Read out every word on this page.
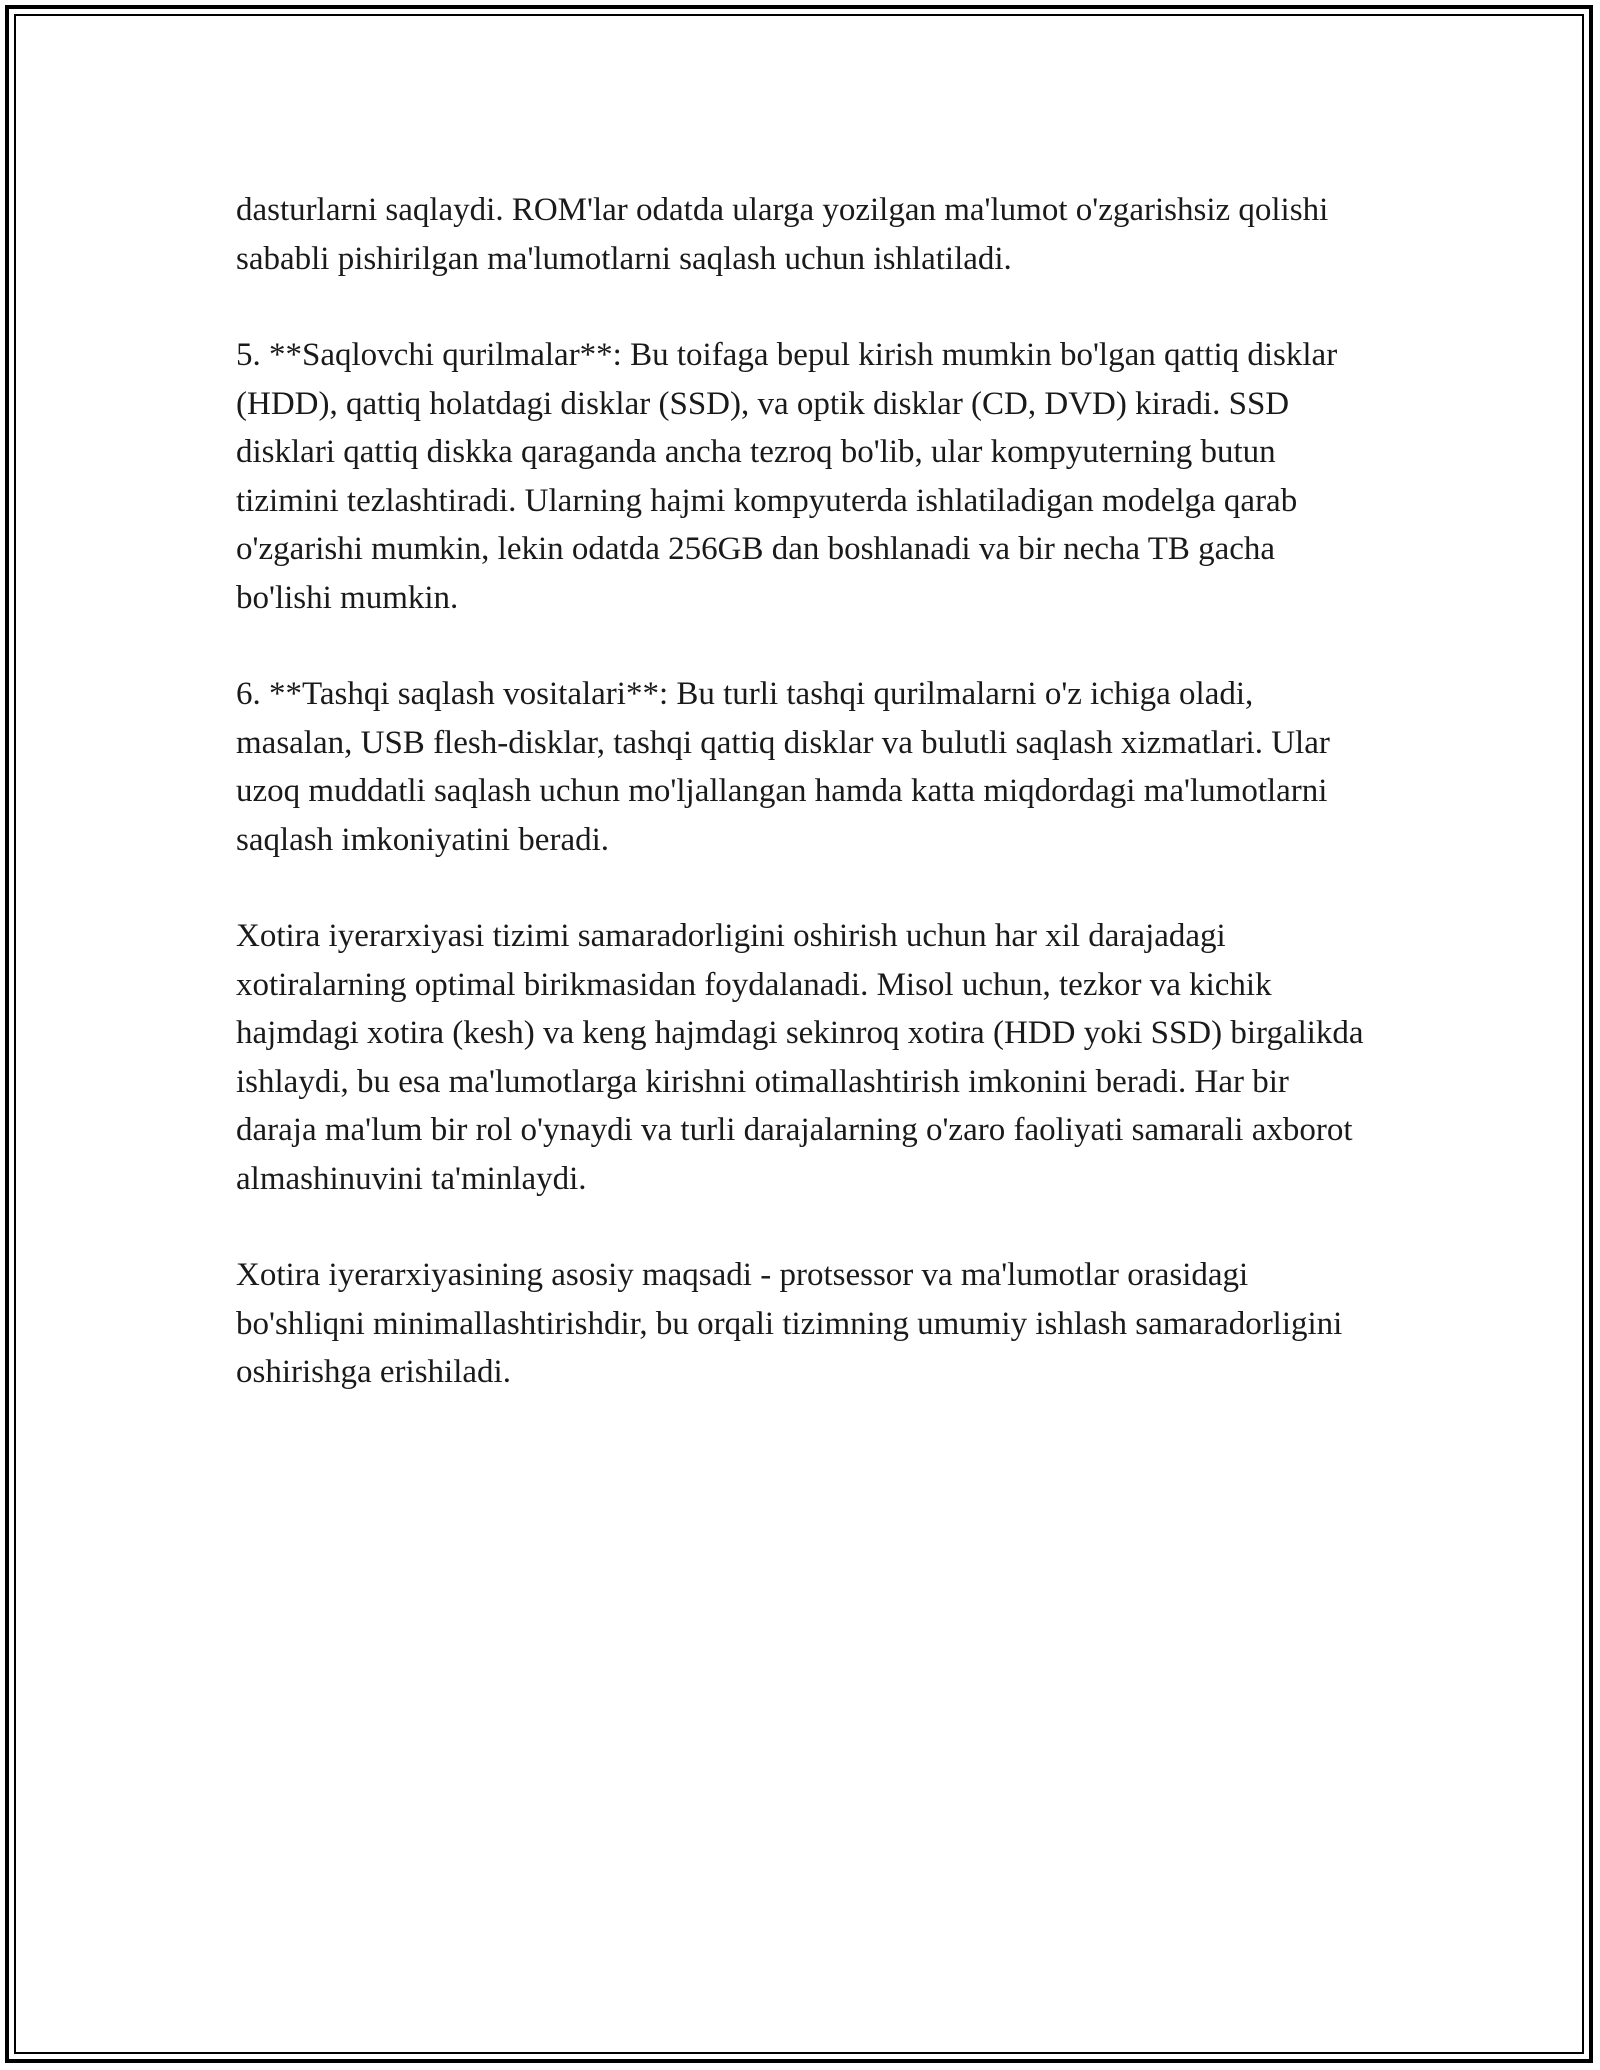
dasturlarni saqlaydi. ROM'lar odatda ularga yozilgan ma'lumot o'zgarishsiz qolishi sababli pishirilgan ma'lumotlarni saqlash uchun ishlatiladi.

5. **Saqlovchi qurilmalar**: Bu toifaga bepul kirish mumkin bo'lgan qattiq disklar (HDD), qattiq holatdagi disklar (SSD), va optik disklar (CD, DVD) kiradi. SSD disklari qattiq diskka qaraganda ancha tezroq bo'lib, ular kompyuterning butun tizimini tezlashtiradi. Ularning hajmi kompyuterda ishlatiladigan modelga qarab o'zgarishi mumkin, lekin odatda 256GB dan boshlanadi va bir necha TB gacha bo'lishi mumkin.

6. **Tashqi saqlash vositalari**: Bu turli tashqi qurilmalarni o'z ichiga oladi, masalan, USB flesh-disklar, tashqi qattiq disklar va bulutli saqlash xizmatlari. Ular uzoq muddatli saqlash uchun mo'ljallangan hamda katta miqdordagi ma'lumotlarni saqlash imkoniyatini beradi.

Xotira iyerarxiyasi tizimi samaradorligini oshirish uchun har xil darajadagi xotiralarning optimal birikmasidan foydalanadi. Misol uchun, tezkor va kichik hajmdagi xotira (kesh) va keng hajmdagi sekinroq xotira (HDD yoki SSD) birgalikda ishlaydi, bu esa ma'lumotlarga kirishni otimallashtirish imkonini beradi. Har bir daraja ma'lum bir rol o'ynaydi va turli darajalarning o'zaro faoliyati samarali axborot almashinuvini ta'minlaydi.

Xotira iyerarxiyasining asosiy maqsadi - protsessor va ma'lumotlar orasidagi bo'shliqni minimallashtirishdir, bu orqali tizimning umumiy ishlash samaradorligini oshirishga erishiladi.
